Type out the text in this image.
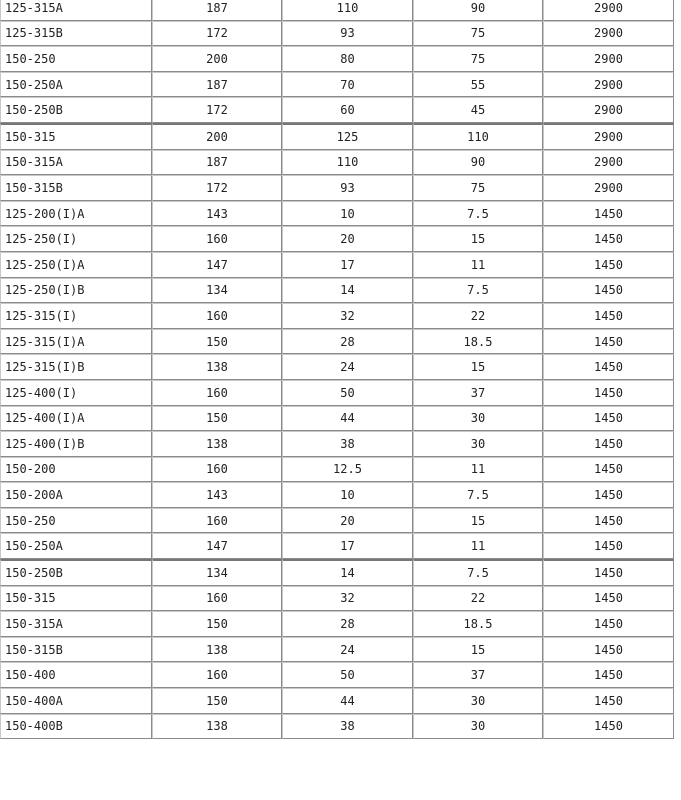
125-315A	187	110	90	2900
125-315B	172	93	75	2900
150-250	200	80	75	2900
150-250A	187	70	55	2900
150-250B	172	60	45	2900
150-315	200	125	110	2900
150-315A	187	110	90	2900
150-315B	172	93	75	2900
125-200(I)A	143	10	7.5	1450
125-250(I)	160	20	15	1450
125-250(I)A	147	17	11	1450
125-250(I)B	134	14	7.5	1450
125-315(I)	160	32	22	1450
125-315(I)A	150	28	18.5	1450
125-315(I)B	138	24	15	1450
125-400(I)	160	50	37	1450
125-400(I)A	150	44	30	1450
125-400(I)B	138	38	30	1450
150-200	160	12.5	11	1450
150-200A	143	10	7.5	1450
150-250	160	20	15	1450
150-250A	147	17	11	1450
150-250B	134	14	7.5	1450
150-315	160	32	22	1450
150-315A	150	28	18.5	1450
150-315B	138	24	15	1450
150-400	160	50	37	1450
150-400A	150	44	30	1450
150-400B	138	38	30	1450
